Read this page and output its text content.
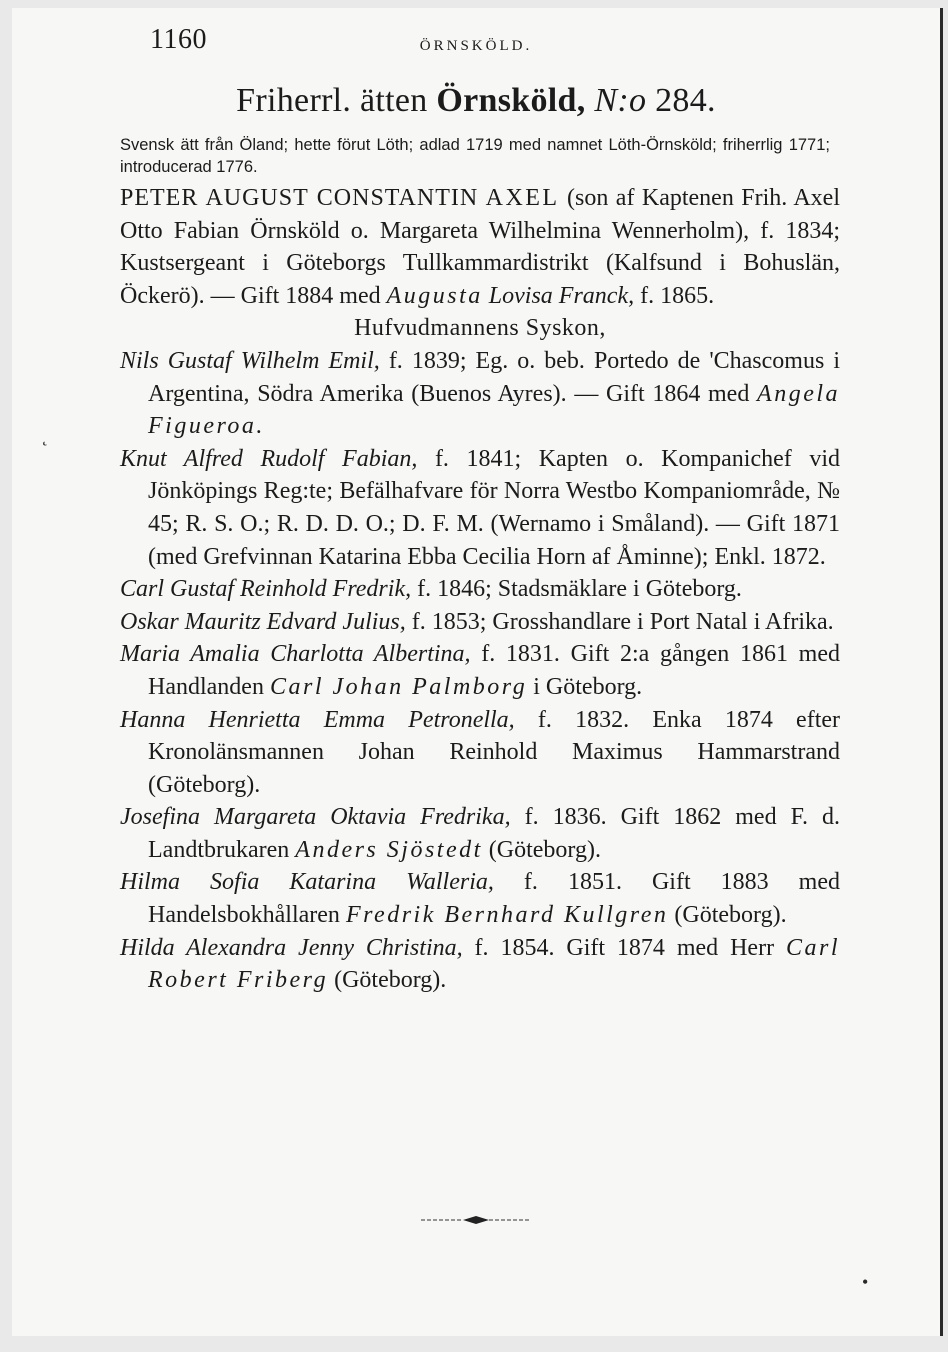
1160	ÖRNSKÖLD.
Friherrl. ätten Örnsköld, N:o 284.
Svensk ätt från Öland; hette förut Löth; adlad 1719 med namnet Löth-Örnsköld; friherrlig 1771; introducerad 1776.

PETER AUGUST CONSTANTIN AXEL (son af Kaptenen Frih. Axel Otto Fabian Örnsköld o. Margareta Wilhelmina Wennerholm), f. 1834; Kustsergeant i Göteborgs Tullkammardistrikt (Kalfsund i Bohuslän, Öckerö). — Gift 1884 med Augusta Lovisa Franck, f. 1865.

Hufvudmannens Syskon,

Nils Gustaf Wilhelm Emil, f. 1839; Eg. o. beb. Portedo de 'Chascomus i Argentina, Södra Amerika (Buenos Ayres). — Gift 1864 med Angela Figueroa.

Knut Alfred Rudolf Fabian, f. 1841; Kapten o. Kompanichef vid Jönköpings Reg:te; Befälhafvare för Norra Westbo Kompaniområde, № 45; R. S. O.; R. D. D. O.; D. F. M. (Wernamo i Småland). — Gift 1871 (med Grefvinnan Katarina Ebba Cecilia Horn af Åminne); Enkl. 1872.

Carl Gustaf Reinhold Fredrik, f. 1846; Stadsmäklare i Göteborg.

Oskar Mauritz Edvard Julius, f. 1853; Grosshandlare i Port Natal i Afrika.

Maria Amalia Charlotta Albertina, f. 1831. Gift 2:a gången 1861 med Handlanden Carl Johan Palmborg i Göteborg.

Hanna Henrietta Emma Petronella, f. 1832. Enka 1874 efter Kronolänsmannen Johan Reinhold Maximus Hammarstrand (Göteborg).

Josefina Margareta Oktavia Fredrika, f. 1836. Gift 1862 med F. d. Landtbrukaren Anders Sjöstedt (Göteborg).

Hilma Sofia Katarina Walleria, f. 1851. Gift 1883 med Handelsbokhållaren Fredrik Bernhard Kullgren (Göteborg).

Hilda Alexandra Jenny Christina, f. 1854. Gift 1874 med Herr Carl Robert Friberg (Göteborg).

˛
•
